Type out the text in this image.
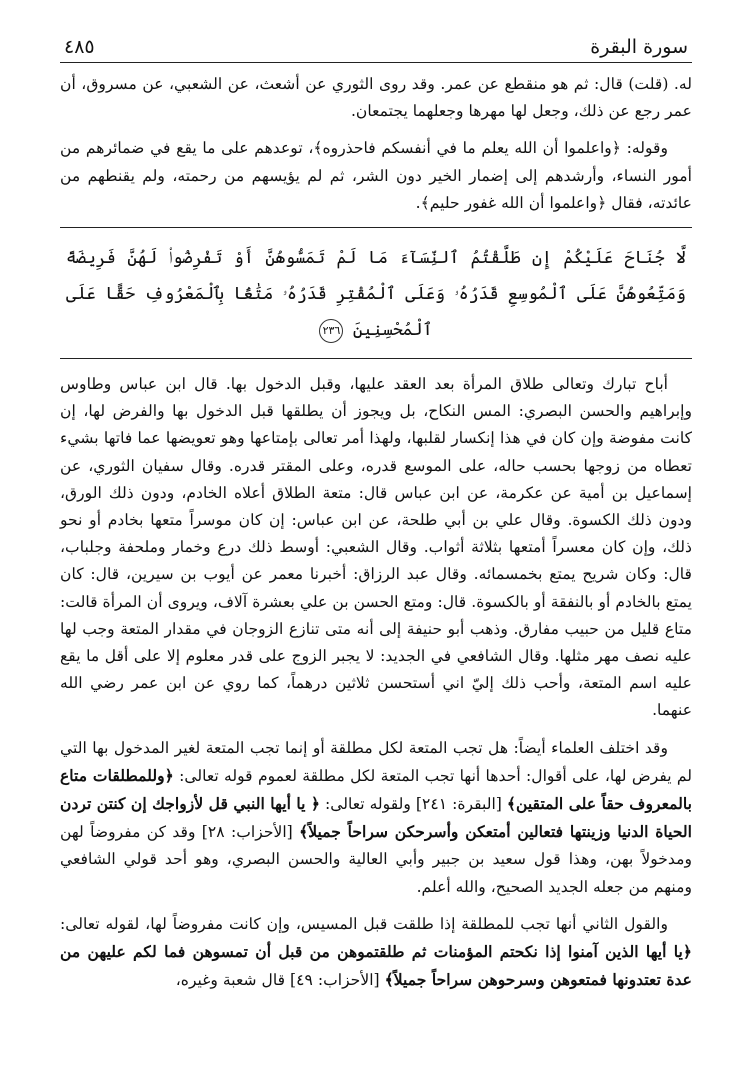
سورة البقرة
٤٨٥

له. (قلت) قال: ثم هو منقطع عن عمر. وقد روى الثوري عن أشعث، عن الشعبي، عن مسروق، أن عمر رجع عن ذلك، وجعل لها مهرها وجعلهما يجتمعان.

وقوله: ﴿واعلموا أن الله يعلم ما في أنفسكم فاحذروه﴾، توعدهم على ما يقع في ضمائرهم من أمور النساء، وأرشدهم إلى إضمار الخير دون الشر، ثم لم يؤيسهم من رحمته، ولم يقنطهم من عائدته، فقال ﴿واعلموا أن الله غفور حليم﴾.

لَّا جُنَاحَ عَلَيْكُمْ إِن طَلَّقْتُمُ ٱلنِّسَآءَ مَا لَمْ تَمَسُّوهُنَّ أَوْ تَفْرِضُوا۟ لَهُنَّ فَرِيضَةً وَمَتِّعُوهُنَّ عَلَى ٱلْمُوسِعِ قَدَرُهُۥ وَعَلَى ٱلْمُقْتِرِ قَدَرُهُۥ مَتَٰعًۢا بِٱلْمَعْرُوفِ حَقًّا عَلَى ٱلْمُحْسِنِينَ ٢٣٦

أباح تبارك وتعالى طلاق المرأة بعد العقد عليها، وقبل الدخول بها. قال ابن عباس وطاوس وإبراهيم والحسن البصري: المس النكاح، بل ويجوز أن يطلقها قبل الدخول بها والفرض لها، إن كانت مفوضة وإن كان في هذا إنكسار لقلبها، ولهذا أمر تعالى بإمتاعها وهو تعويضها عما فاتها بشيء تعطاه من زوجها بحسب حاله، على الموسع قدره، وعلى المقتر قدره. وقال سفيان الثوري، عن إسماعيل بن أمية عن عكرمة، عن ابن عباس قال: متعة الطلاق أعلاه الخادم، ودون ذلك الورق، ودون ذلك الكسوة. وقال علي بن أبي طلحة، عن ابن عباس: إن كان موسراً متعها بخادم أو نحو ذلك، وإن كان معسراً أمتعها بثلاثة أثواب. وقال الشعبي: أوسط ذلك درع وخمار وملحفة وجلباب، قال: وكان شريح يمتع بخمسمائه. وقال عبد الرزاق: أخبرنا معمر عن أيوب بن سيرين، قال: كان يمتع بالخادم أو بالنفقة أو بالكسوة. قال: ومتع الحسن بن علي بعشرة آلاف، ويروى أن المرأة قالت: متاع قليل من حبيب مفارق. وذهب أبو حنيفة إلى أنه متى تنازع الزوجان في مقدار المتعة وجب لها عليه نصف مهر مثلها. وقال الشافعي في الجديد: لا يجبر الزوج على قدر معلوم إلا على أقل ما يقع عليه اسم المتعة، وأحب ذلك إليّ اني أستحسن ثلاثين درهماً، كما روي عن ابن عمر رضي الله عنهما.

وقد اختلف العلماء أيضاً: هل تجب المتعة لكل مطلقة أو إنما تجب المتعة لغير المدخول بها التي لم يفرض لها، على أقوال: أحدها أنها تجب المتعة لكل مطلقة لعموم قوله تعالى: ﴿وللمطلقات متاع بالمعروف حقاً على المتقين﴾ [البقرة: ٢٤١] ولقوله تعالى: ﴿ يا أيها النبي قل لأزواجك إن كنتن تردن الحياة الدنيا وزينتها فتعالين أمتعكن وأسرحكن سراحاً جميلاً﴾ [الأحزاب: ٢٨] وقد كن مفروضاً لهن ومدخولاً بهن، وهذا قول سعيد بن جبير وأبي العالية والحسن البصري، وهو أحد قولي الشافعي ومنهم من جعله الجديد الصحيح، والله أعلم.

والقول الثاني أنها تجب للمطلقة إذا طلقت قبل المسيس، وإن كانت مفروضاً لها، لقوله تعالى: ﴿يا أيها الذين آمنوا إذا نكحتم المؤمنات ثم طلقتموهن من قبل أن تمسوهن فما لكم عليهن من عدة تعتدونها فمتعوهن وسرحوهن سراحاً جميلاً﴾ [الأحزاب: ٤٩] قال شعبة وغيره،
